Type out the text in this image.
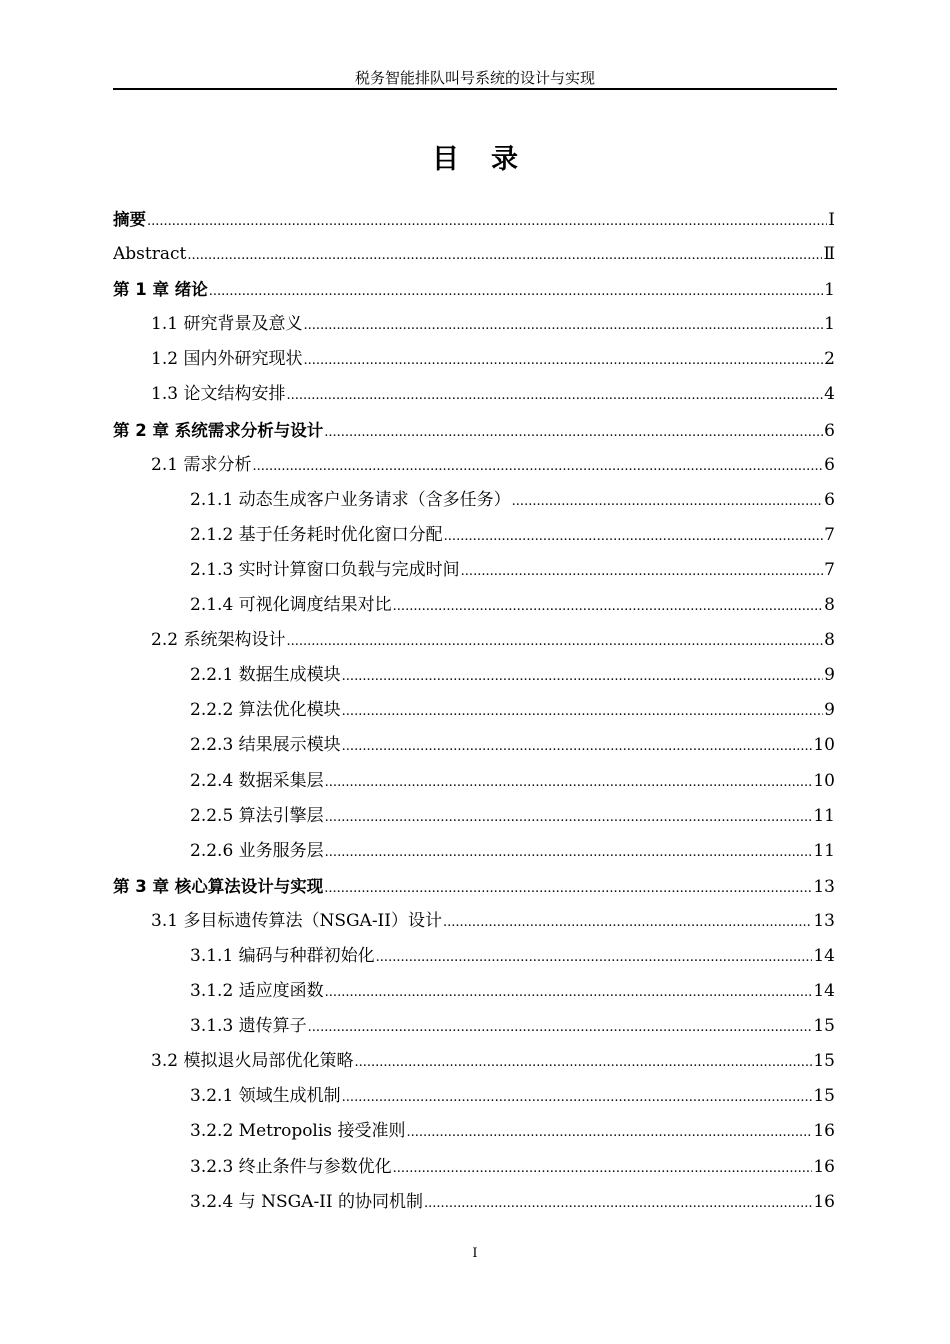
税务智能排队叫号系统的设计与实现
目录
摘要 .....	Ⅰ
Abstract .....	Ⅱ
第 1 章 绪论 .....	1
1.1 研究背景及意义 .....	1
1.2 国内外研究现状 .....	2
1.3 论文结构安排 .....	4
第 2 章 系统需求分析与设计 .....	6
2.1 需求分析 .....	6
2.1.1 动态生成客户业务请求（含多任务） .....	6
2.1.2 基于任务耗时优化窗口分配 .....	7
2.1.3 实时计算窗口负载与完成时间 .....	7
2.1.4 可视化调度结果对比 .....	8
2.2 系统架构设计 .....	8
2.2.1 数据生成模块 .....	9
2.2.2 算法优化模块 .....	9
2.2.3 结果展示模块 .....	10
2.2.4 数据采集层 .....	10
2.2.5 算法引擎层 .....	11
2.2.6 业务服务层 .....	11
第 3 章 核心算法设计与实现 .....	13
3.1 多目标遗传算法（NSGA-II）设计 .....	13
3.1.1 编码与种群初始化 .....	14
3.1.2 适应度函数 .....	14
3.1.3 遗传算子 .....	15
3.2 模拟退火局部优化策略 .....	15
3.2.1 领域生成机制 .....	15
3.2.2 Metropolis 接受准则 .....	16
3.2.3 终止条件与参数优化 .....	16
3.2.4 与 NSGA-II 的协同机制 .....	16
I
